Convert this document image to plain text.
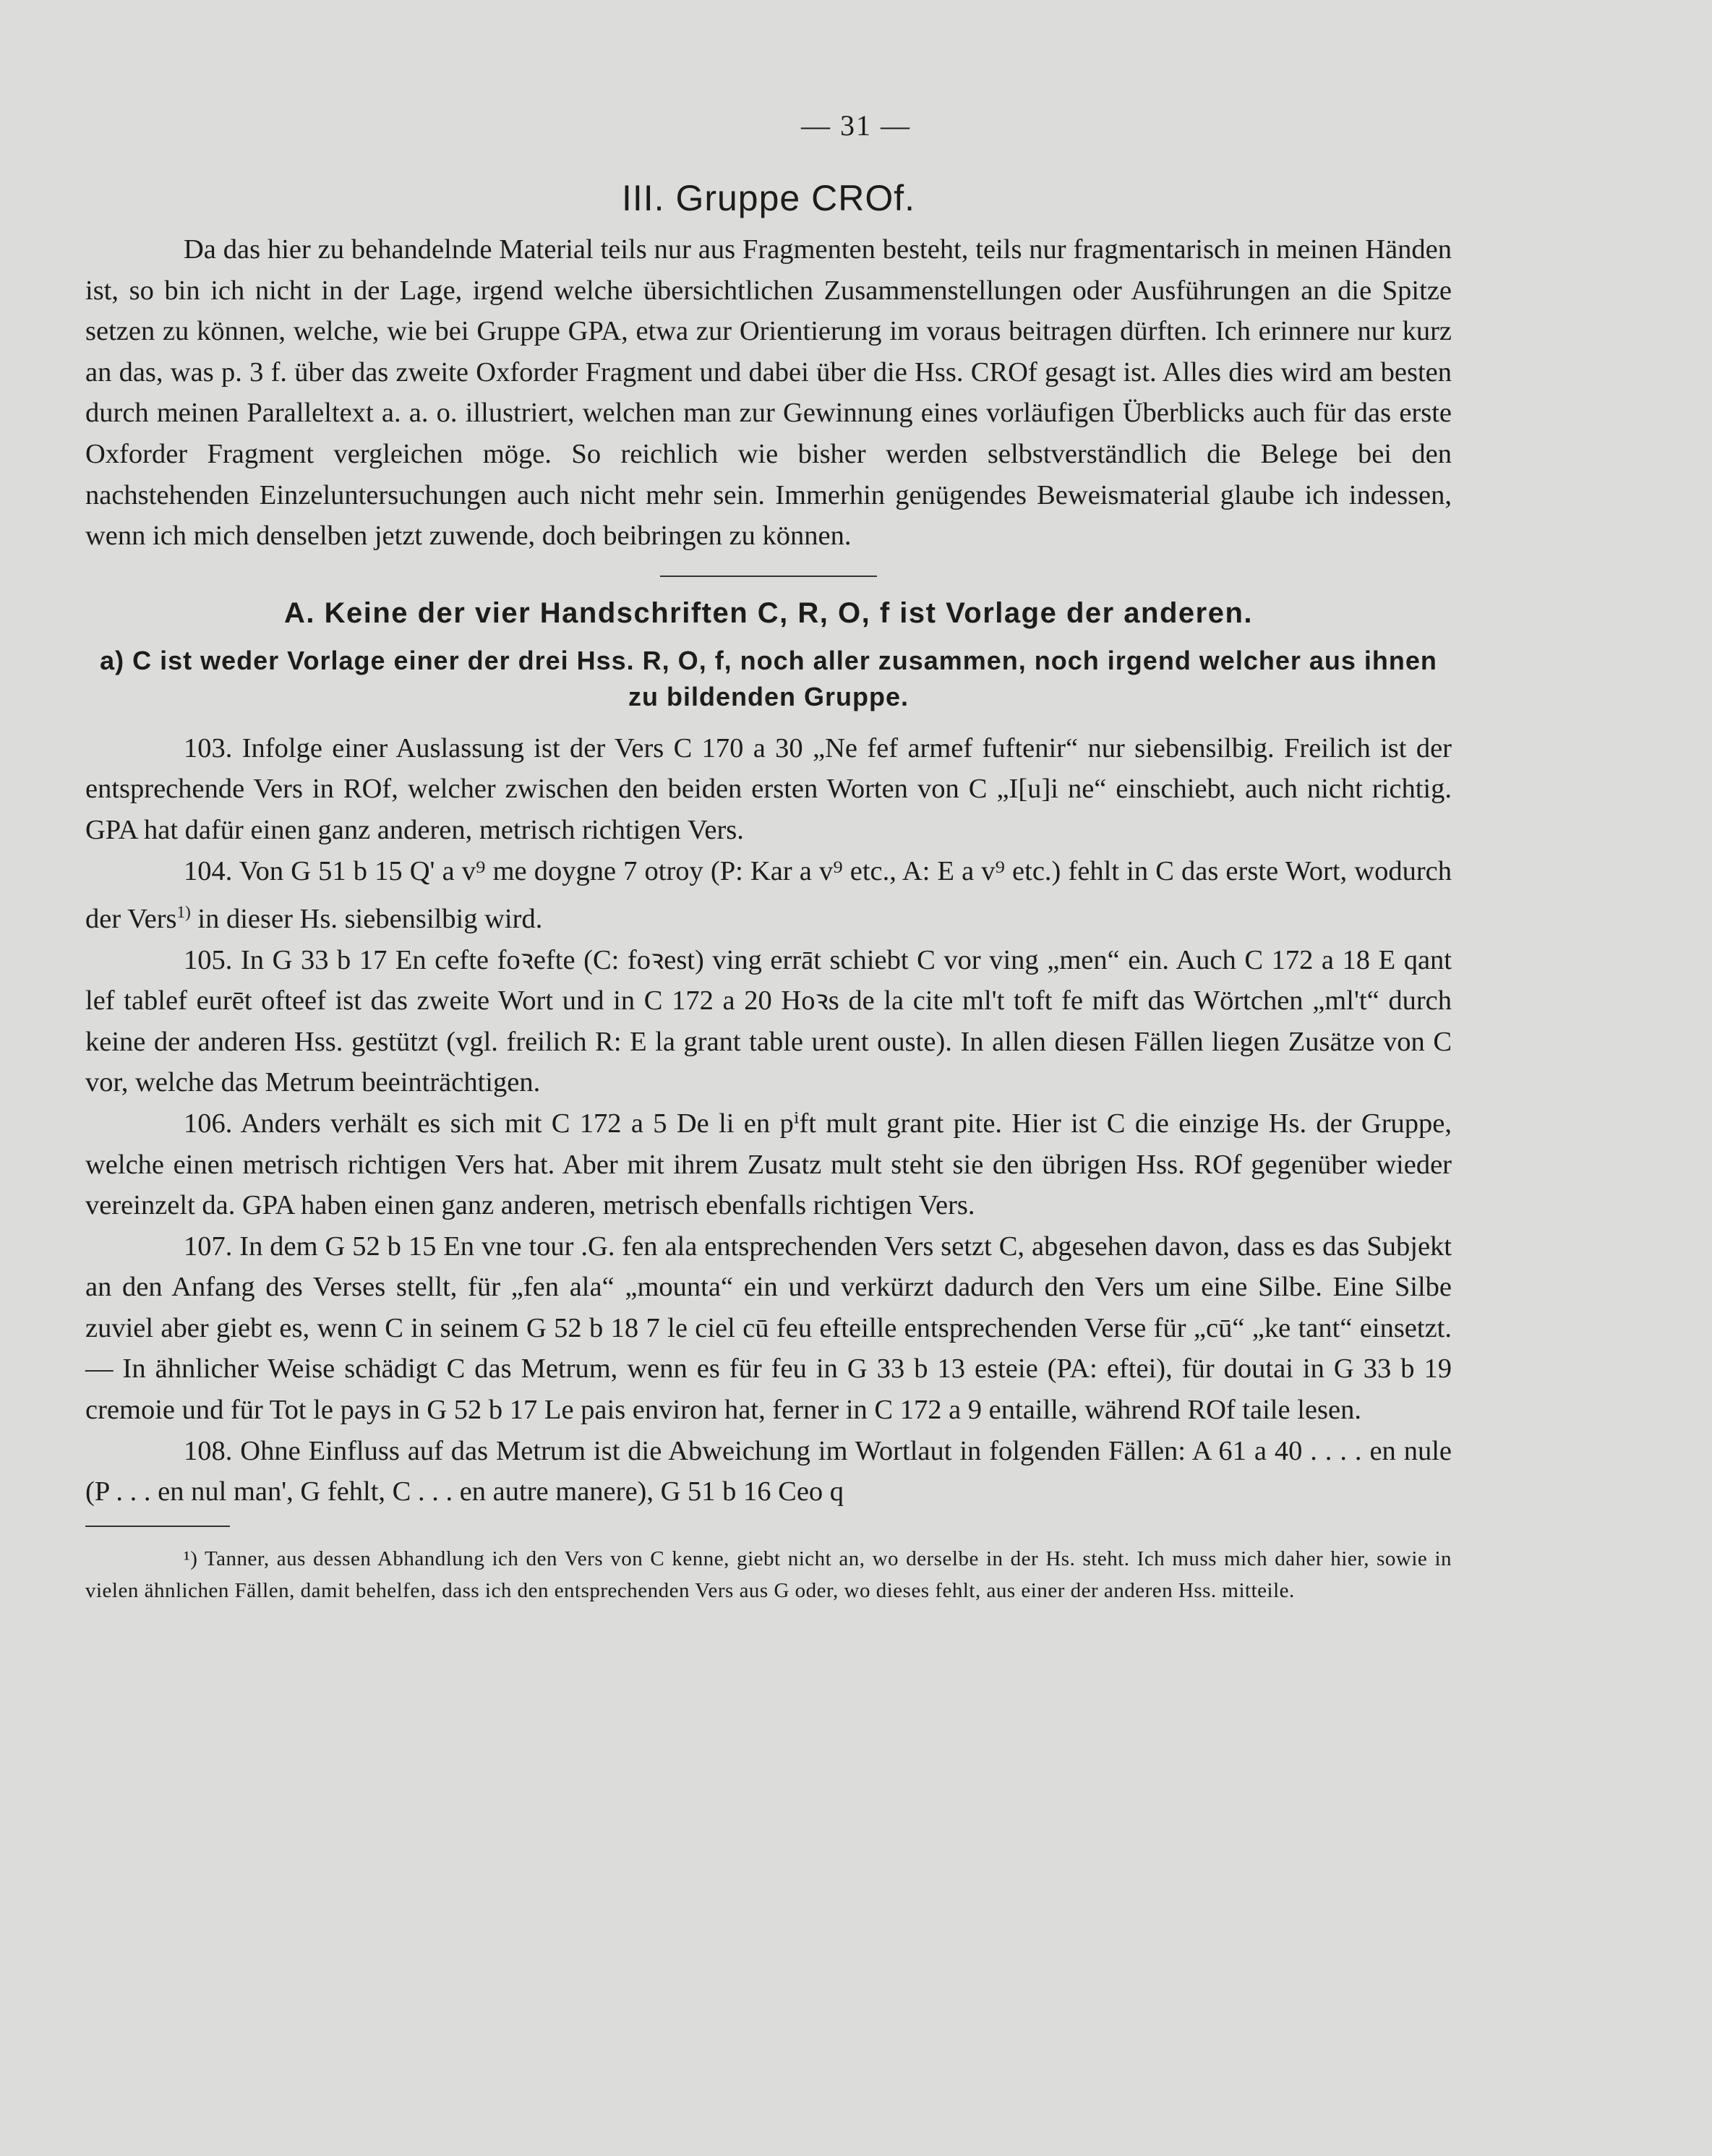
— 31 —
III. Gruppe CROf.

Da das hier zu behandelnde Material teils nur aus Fragmenten besteht, teils nur fragmentarisch in meinen Händen ist, so bin ich nicht in der Lage, irgend welche übersichtlichen Zusammenstellungen oder Ausführungen an die Spitze setzen zu können, welche, wie bei Gruppe GPA, etwa zur Orientierung im voraus beitragen dürften. Ich erinnere nur kurz an das, was p. 3 f. über das zweite Oxforder Fragment und dabei über die Hss. CROf gesagt ist. Alles dies wird am besten durch meinen Paralleltext a. a. o. illustriert, welchen man zur Gewinnung eines vorläufigen Überblicks auch für das erste Oxforder Fragment vergleichen möge. So reichlich wie bisher werden selbstverständlich die Belege bei den nachstehenden Einzeluntersuchungen auch nicht mehr sein. Immerhin genügendes Beweismaterial glaube ich indessen, wenn ich mich denselben jetzt zuwende, doch beibringen zu können.

A. Keine der vier Handschriften C, R, O, f ist Vorlage der anderen.
a) C ist weder Vorlage einer der drei Hss. R, O, f, noch aller zusammen, noch irgend welcher aus ihnen zu bildenden Gruppe.

103. Infolge einer Auslassung ist der Vers C 170 a 30 „Ne fef armef fuftenir“ nur siebensilbig. Freilich ist der entsprechende Vers in ROf, welcher zwischen den beiden ersten Worten von C „I[u]i ne“ einschiebt, auch nicht richtig. GPA hat dafür einen ganz anderen, metrisch richtigen Vers.

104. Von G 51 b 15 Q' a v⁹ me doygne 7 otroy (P: Kar a v⁹ etc., A: E a v⁹ etc.) fehlt in C das erste Wort, wodurch der Vers$^{1)}$ in dieser Hs. siebensilbig wird.

105. In G 33 b 17 En cefte foꝛefte (C: foꝛest) ving errāt schiebt C vor ving „men“ ein. Auch C 172 a 18 E qant lef tablef eurēt ofteef ist das zweite Wort und in C 172 a 20 Hoꝛs de la cite ml't toft fe mift das Wörtchen „ml't“ durch keine der anderen Hss. gestützt (vgl. freilich R: E la grant table urent ouste). In allen diesen Fällen liegen Zusätze von C vor, welche das Metrum beeinträchtigen.

106. Anders verhält es sich mit C 172 a 5 De li en pⁱft mult grant pite. Hier ist C die einzige Hs. der Gruppe, welche einen metrisch richtigen Vers hat. Aber mit ihrem Zusatz mult steht sie den übrigen Hss. ROf gegenüber wieder vereinzelt da. GPA haben einen ganz anderen, metrisch ebenfalls richtigen Vers.

107. In dem G 52 b 15 En vne tour .G. fen ala entsprechenden Vers setzt C, abgesehen davon, dass es das Subjekt an den Anfang des Verses stellt, für „fen ala“ „mounta“ ein und verkürzt dadurch den Vers um eine Silbe. Eine Silbe zuviel aber giebt es, wenn C in seinem G 52 b 18 7 le ciel cū feu efteille entsprechenden Verse für „cū“ „ke tant“ einsetzt. — In ähnlicher Weise schädigt C das Metrum, wenn es für feu in G 33 b 13 esteie (PA: eftei), für doutai in G 33 b 19 cremoie und für Tot le pays in G 52 b 17 Le pais environ hat, ferner in C 172 a 9 entaille, während ROf taile lesen.

108. Ohne Einfluss auf das Metrum ist die Abweichung im Wortlaut in folgenden Fällen: A 61 a 40 . . . . en nule (P . . . en nul man', G fehlt, C . . . en autre manere), G 51 b 16 Ceo q

¹) Tanner, aus dessen Abhandlung ich den Vers von C kenne, giebt nicht an, wo derselbe in der Hs. steht. Ich muss mich daher hier, sowie in vielen ähnlichen Fällen, damit behelfen, dass ich den entsprechenden Vers aus G oder, wo dieses fehlt, aus einer der anderen Hss. mitteile.
